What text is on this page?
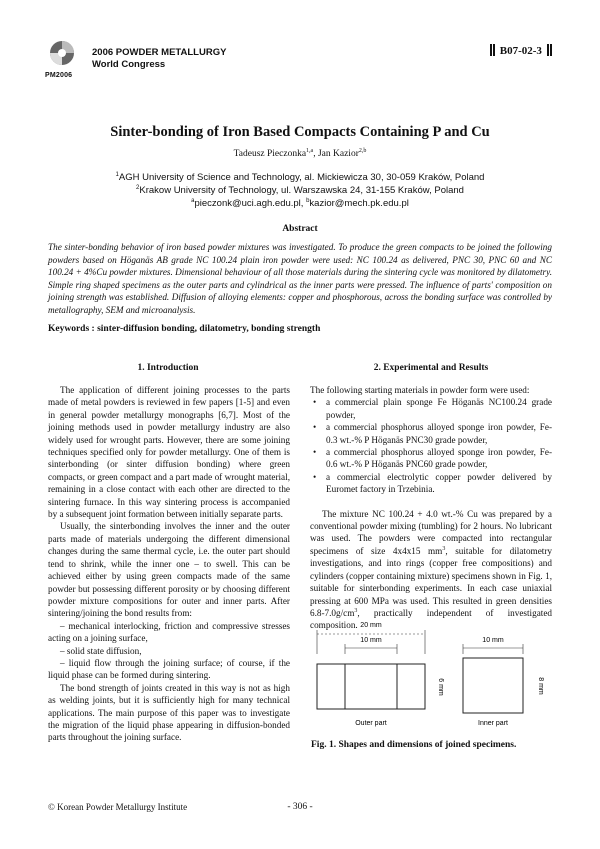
2006 POWDER METALLURGY
World Congress
PM2006
B07-02-3
Sinter-bonding of Iron Based Compacts Containing P and Cu
Tadeusz Pieczonka$^{1,a}$, Jan Kazior$^{2,b}$
$^1$AGH University of Science and Technology, al. Mickiewicza 30, 30-059 Kraków, Poland
$^2$Krakow University of Technology, ul. Warszawska 24, 31-155 Kraków, Poland
$^a$pieczonk@uci.agh.edu.pl, $^b$kazior@mech.pk.edu.pl
Abstract
The sinter-bonding behavior of iron based powder mixtures was investigated. To produce the green compacts to be joined the following powders based on Höganäs AB grade NC 100.24 plain iron powder were used: NC 100.24 as delivered, PNC 30, PNC 60 and NC 100.24 + 4%Cu powder mixtures. Dimensional behaviour of all those materials during the sintering cycle was monitored by dilatometry. Simple ring shaped specimens as the outer parts and cylindrical as the inner parts were pressed. The influence of parts' composition on joining strength was established. Diffusion of alloying elements: copper and phosphorous, across the bonding surface was controlled by metallography, SEM and microanalysis.
Keywords : sinter-diffusion bonding, dilatometry, bonding strength
1. Introduction

The application of different joining processes to the parts made of metal powders is reviewed in few papers [1-5] and even in general powder metallurgy monographs [6,7]. Most of the joining methods used in powder metallurgy industry are also widely used for wrought parts. However, there are some joining techniques specified only for powder metallurgy. One of them is sinterbonding (or sinter diffusion bonding) where green compacts, or green compact and a part made of wrought material, remaining in a close contact with each other are directed to the sintering furnace. In this way sintering process is accompanied by a subsequent joint formation between initially separate parts.

Usually, the sinterbonding involves the inner and the outer parts made of materials undergoing the different dimensional changes during the same thermal cycle, i.e. the outer part should tend to shrink, while the inner one – to swell. This can be achieved either by using green compacts made of the same powder but possessing different porosity or by choosing different powder mixture compositions for outer and inner parts. After sintering/joining the bond results from:

– mechanical interlocking, friction and compressive stresses acting on a joining surface,

– solid state diffusion,

– liquid flow through the joining surface; of course, if the liquid phase can be formed during sintering.

The bond strength of joints created in this way is not as high as welding joints, but it is sufficiently high for many technical applications. The main purpose of this paper was to investigate the migration of the liquid phase appearing in diffusion-bonded parts throughout the joining surface.

2. Experimental and Results

The following starting materials in powder form were used:

• a commercial plain sponge Fe Höganäs NC100.24 grade powder,
• a commercial phosphorus alloyed sponge iron powder, Fe-0.3 wt.-% P Höganäs PNC30 grade powder,
• a commercial phosphorus alloyed sponge iron powder, Fe-0.6 wt.-% P Höganäs PNC60 grade powder,
• a commercial electrolytic copper powder delivered by Euromet factory in Trzebinia.

The mixture NC 100.24 + 4.0 wt.-% Cu was prepared by a conventional powder mixing (tumbling) for 2 hours. No lubricant was used. The powders were compacted into rectangular specimens of size 4x4x15 $mm^3$, suitable for dilatometry investigations, and into rings (copper free compositions) and cylinders (copper containing mixture) specimens shown in Fig. 1, suitable for sinterbonding experiments. In each case uniaxial pressing at 600 MPa was used. This resulted in green densities $6.8-7.0g/cm^3$, practically independent of investigated composition. 20 mm
10 mm	10 mm
6 mm	8 mm
Outer part	Inner part
Fig. 1. Shapes and dimensions of joined specimens.
© Korean Powder Metallurgy Institute	- 306 -
